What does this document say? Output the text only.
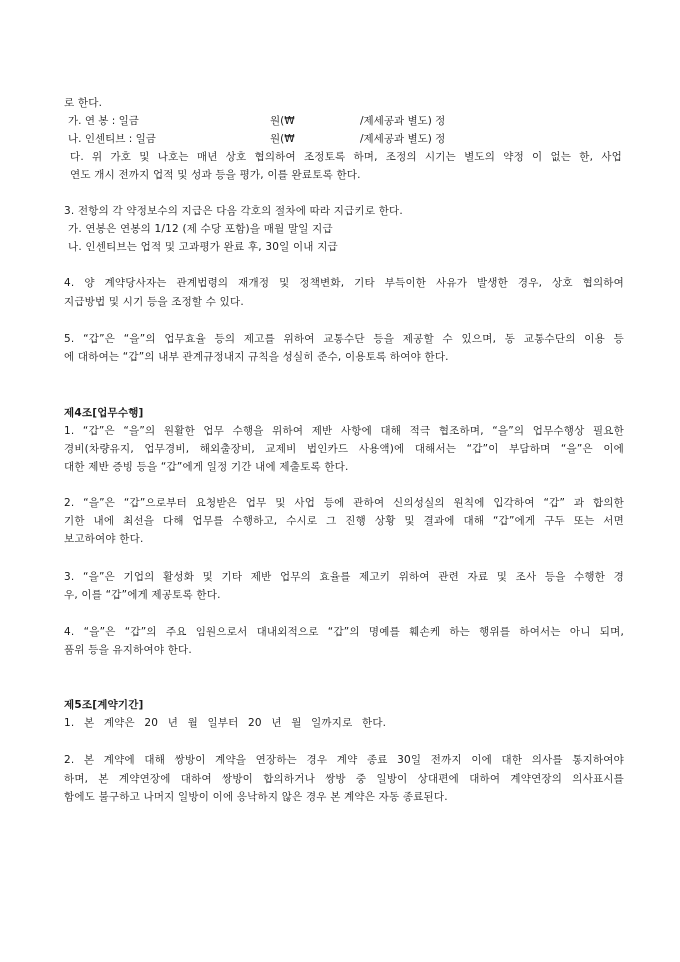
로 한다.
가. 연 봉 : 일금	원(₩	/제세공과 별도) 정
나. 인센티브 : 일금	원(₩	/제세공과 별도) 정
다. 위 가호 및 나호는 매년 상호 협의하여 조정토록 하며, 조정의 시기는 별도의 약정 이 없는 한, 사업
연도 개시 전까지 업적 및 성과 등을 평가, 이를 완료토록 한다.
3. 전항의 각 약정보수의 지급은 다음 각호의 절차에 따라 지급키로 한다.
가. 연봉은 연봉의 1/12 (제 수당 포함)을 매월 말일 지급
나. 인센티브는 업적 및 고과평가 완료 후, 30일 이내 지급
4. 양 계약당사자는 관계법령의 재개정 및 정책변화, 기타 부득이한 사유가 발생한 경우, 상호 협의하여
지급방법 및 시기 등을 조정할 수 있다.
5. “갑”은 “을”의 업무효율 등의 제고를 위하여 교통수단 등을 제공할 수 있으며, 동 교통수단의 이용 등
에 대하여는 “갑”의 내부 관계규정내지 규칙을 성실히 준수, 이용토록 하여야 한다.
제4조[업무수행]
1. “갑”은 “을”의 원활한 업무 수행을 위하여 제반 사항에 대해 적극 협조하며, “을”의 업무수행상 필요한
경비(차량유지, 업무경비, 해외출장비, 교제비 법인카드 사용액)에 대해서는 “갑”이 부담하며 “을”은 이에
대한 제반 증빙 등을 “갑”에게 일정 기간 내에 제출토록 한다.
2. “을”은 “갑”으로부터 요청받은 업무 및 사업 등에 관하여 신의성실의 원칙에 입각하여 “갑” 과 합의한
기한 내에 최선을 다해 업무를 수행하고, 수시로 그 진행 상황 및 결과에 대해 “갑”에게 구두 또는 서면
보고하여야 한다.
3. “을”은 기업의 활성화 및 기타 제반 업무의 효율를 제고키 위하여 관련 자료 및 조사 등을 수행한 경
우, 이를 “갑”에게 제공토록 한다.
4. “을”은 “갑”의 주요 임원으로서 대내외적으로 “갑”의 명예를 훼손케 하는 행위를 하여서는 아니 되며,
품위 등을 유지하여야 한다.
제5조[계약기간]
1. 본 계약은 20 년 월 일부터 20 년 월 일까지로 한다.
2. 본 계약에 대해 쌍방이 계약을 연장하는 경우 계약 종료 30일 전까지 이에 대한 의사를 통지하여야
하며, 본 계약연장에 대하여 쌍방이 합의하거나 쌍방 중 일방이 상대편에 대하여 계약연장의 의사표시를
함에도 불구하고 나머지 일방이 이에 응낙하지 않은 경우 본 계약은 자동 종료된다.
